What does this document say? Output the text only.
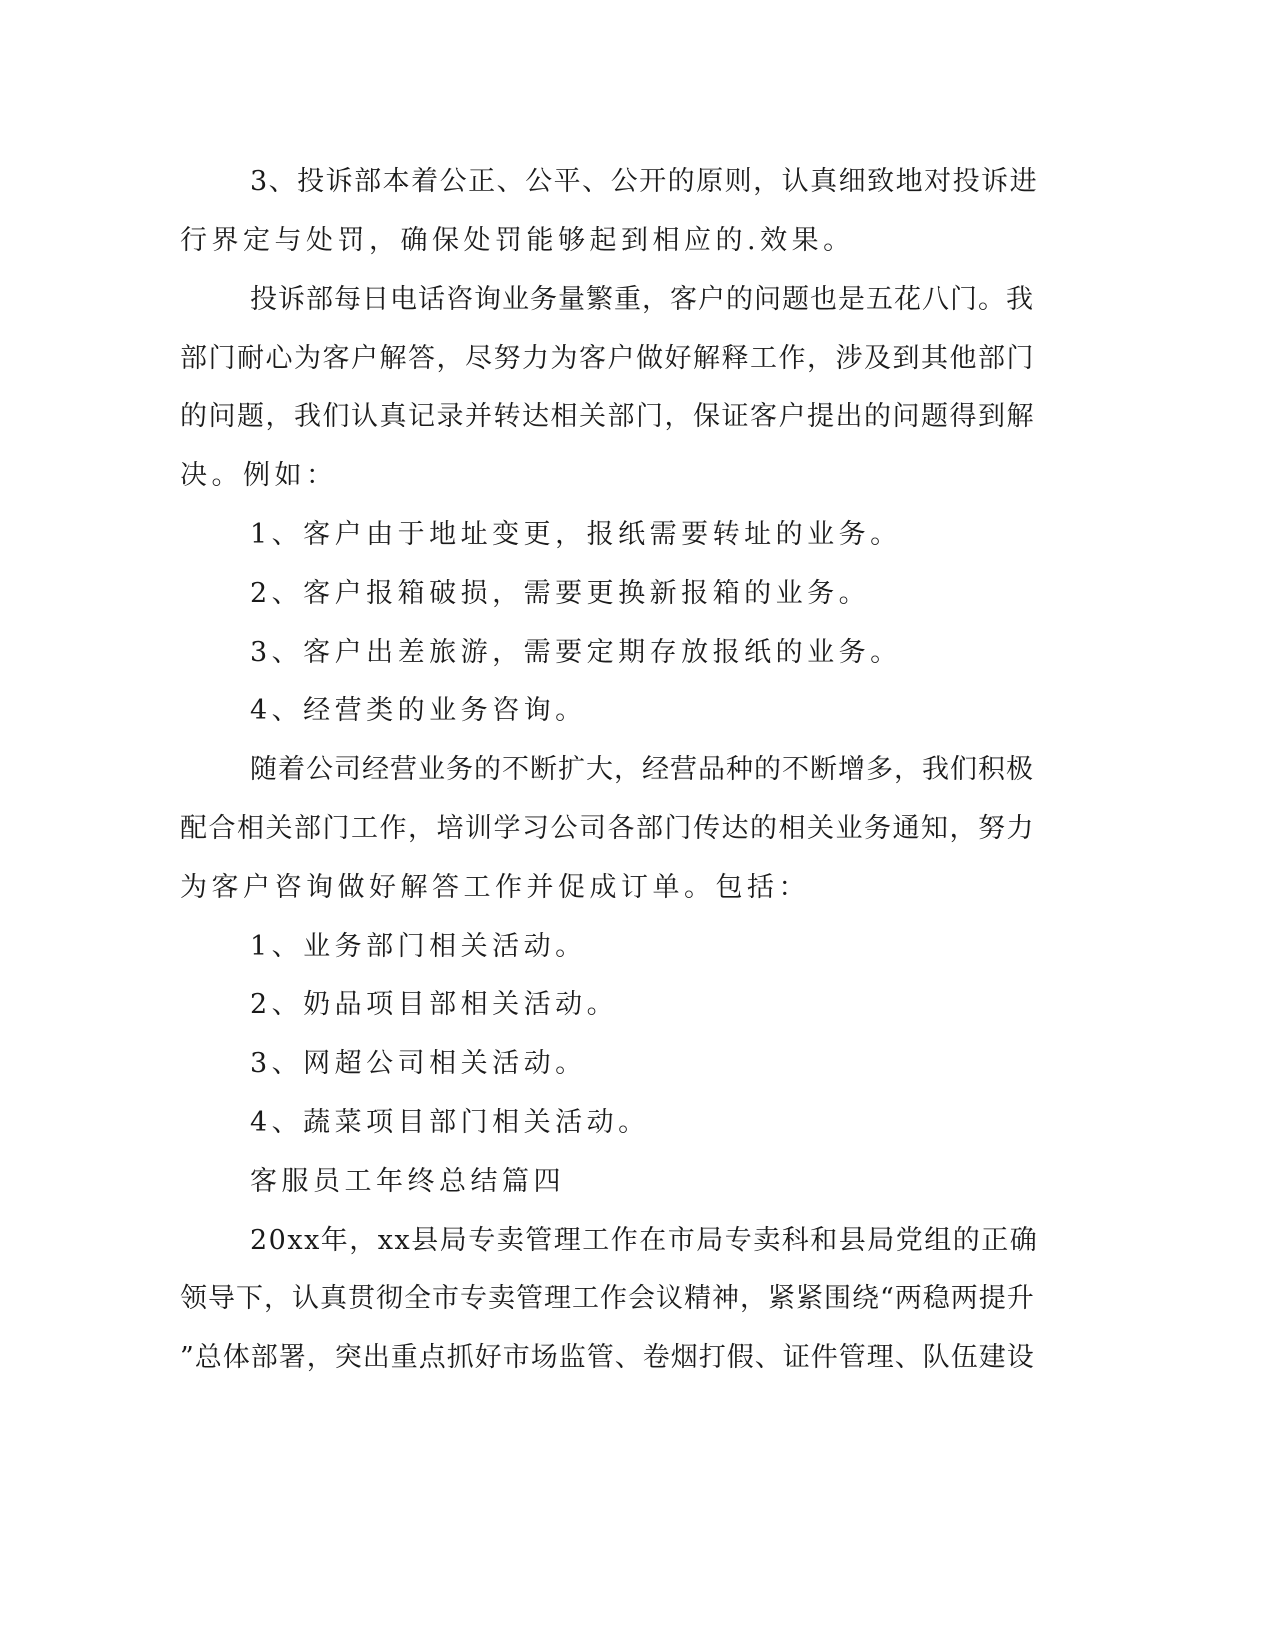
3、投诉部本着公正、公平、公开的原则，认真细致地对投诉进
行界定与处罚，确保处罚能够起到相应的.效果。
投诉部每日电话咨询业务量繁重，客户的问题也是五花八门。我
部门耐心为客户解答，尽努力为客户做好解释工作，涉及到其他部门
的问题，我们认真记录并转达相关部门，保证客户提出的问题得到解
决。例如：
1、客户由于地址变更，报纸需要转址的业务。
2、客户报箱破损，需要更换新报箱的业务。
3、客户出差旅游，需要定期存放报纸的业务。
4、经营类的业务咨询。
随着公司经营业务的不断扩大，经营品种的不断增多，我们积极
配合相关部门工作，培训学习公司各部门传达的相关业务通知，努力
为客户咨询做好解答工作并促成订单。包括：
1、业务部门相关活动。
2、奶品项目部相关活动。
3、网超公司相关活动。
4、蔬菜项目部门相关活动。
客服员工年终总结篇四
20xx年，xx县局专卖管理工作在市局专卖科和县局党组的正确
领导下，认真贯彻全市专卖管理工作会议精神，紧紧围绕“两稳两提升
”总体部署，突出重点抓好市场监管、卷烟打假、证件管理、队伍建设
